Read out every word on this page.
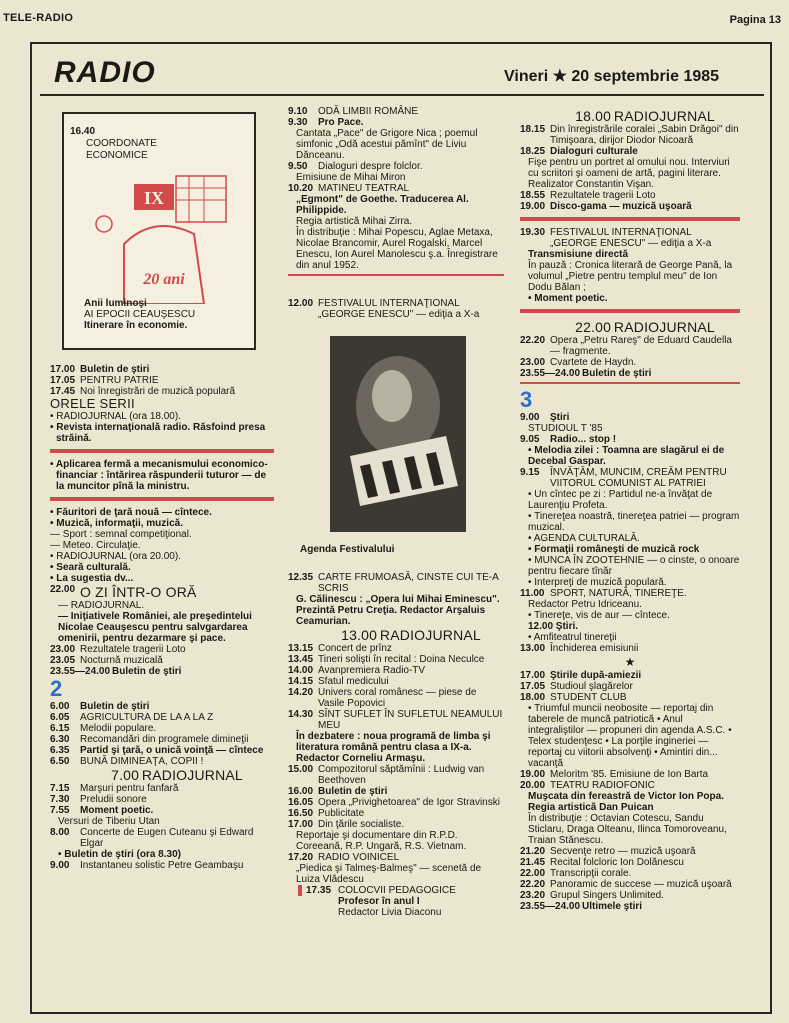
TELE-RADIO	Pagina 13
RADIO	Vineri ★ 20 septembrie 1985
16.40
COORDONATE ECONOMICE
IX
20 ani
Anii luminoşi
AI EPOCII CEAUŞESCU
Itinerare în economie.
17.00 Buletin de ştiri
17.05 PENTRU PATRIE
17.45 Noi înregistrări de muzică populară
ORELE SERII
• RADIOJURNAL (ora 18.00).
• Revista internaţională radio. Răsfoind presa străină.
• Aplicarea fermă a mecanismului economico-financiar : întărirea răspunderii tuturor — de la muncitor pînă la ministru.
• Făuritori de ţară nouă — cîntece.
• Muzică, informaţii, muzică.
— Sport : semnal competiţional.
— Meteo. Circulaţie.
• RADIOJURNAL (ora 20.00).
• Seară culturală.
• La sugestia dv...
22.00 O ZI ÎNTR-O ORĂ
— RADIOJURNAL.
— Iniţiativele României, ale preşedintelui Nicolae Ceauşescu pentru salvgardarea omenirii, pentru dezarmare şi pace.
23.00 Rezultatele tragerii Loto
23.05 Nocturnă muzicală
23.55—24.00 Buletin de ştiri
2
6.00 Buletin de ştiri
6.05 AGRICULTURA DE LA A LA Z
6.15 Melodii populare.
6.30 Recomandări din programele dimineţii
6.35 Partid şi ţară, o unică voinţă — cîntece
6.50 BUNĂ DIMINEAŢA, COPII !
7.00 RADIOJURNAL
7.15 Marşuri pentru fanfară
7.30 Preludii sonore
7.55 Moment poetic.
Versuri de Tiberiu Utan
8.00 Concerte de Eugen Cuteanu şi Edward Elgar
• Buletin de ştiri (ora 8.30)
9.00 Instantaneu solistic Petre Geambaşu
9.10 ODĂ LIMBII ROMÂNE
9.30 Pro Pace.
Cantata „Pace" de Grigore Nica ; poemul simfonic „Odă acestui pămînt" de Liviu Dănceanu.
9.50 Dialoguri despre folclor.
Emisiune de Mihai Miron
10.20 MATINEU TEATRAL
„Egmont" de Goethe. Traducerea Al. Philippide.
Regia artistică Mihai Zirra.
În distribuţie : Mihai Popescu, Aglae Metaxa, Nicolae Brancomir, Aurel Rogalski, Marcel Enescu, Ion Aurel Manolescu ş.a. Înregistrare din anul 1952.
12.00 FESTIVALUL INTERNAŢIONAL „GEORGE ENESCU" — ediţia a X-a
Agenda Festivalului
12.35 CARTE FRUMOASĂ, CINSTE CUI TE-A SCRIS
G. Călinescu : „Opera lui Mihai Eminescu". Prezintă Petru Creţia. Redactor Arşaluis Ceamurian.
13.00 RADIOJURNAL
13.15 Concert de prînz
13.45 Tineri solişti în recital : Doina Neculce
14.00 Avanpremiera Radio-TV
14.15 Sfatul medicului
14.20 Univers coral românesc — piese de Vasile Popovici
14.30 SÎNT SUFLET ÎN SUFLETUL NEAMULUI MEU
În dezbatere : noua programă de limba şi literatura română pentru clasa a IX-a. Redactor Corneliu Armaşu.
15.00 Compozitorul săptămînii : Ludwig van Beethoven
16.00 Buletin de ştiri
16.05 Opera „Privighetoarea" de Igor Stravinski
16.50 Publicitate
17.00 Din ţările socialiste.
Reportaje şi documentare din R.P.D. Coreeană, R.P. Ungară, R.S. Vietnam.
17.20 RADIO VOINICEL
„Piedica şi Talmeş-Balmeş" — scenetă de Luiza Vlădescu
17.35 COLOCVII PEDAGOGICE
Profesor în anul I
Redactor Livia Diaconu
18.00 RADIOJURNAL
18.15 Din înregistrările coralei „Sabin Drăgoi" din Timişoara, dirijor Diodor Nicoară
18.25 Dialoguri culturale
Fişe pentru un portret al omului nou. Interviuri cu scriitori şi oameni de artă, pagini literare. Realizator Constantin Vişan.
18.55 Rezultatele tragerii Loto
19.00 Disco-gama — muzică uşoară
19.30 FESTIVALUL INTERNAŢIONAL „GEORGE ENESCU" — ediţia a X-a
Transmisiune directă
În pauză : Cronica literară de George Pană, la volumul „Pietre pentru templul meu" de Ion Dodu Bălan ;
• Moment poetic.
22.00 RADIOJURNAL
22.20 Opera „Petru Rareş" de Eduard Caudella — fragmente.
23.00 Cvartete de Haydn.
23.55—24.00 Buletin de ştiri
3
9.00 Ştiri
STUDIOUL T '85
9.05 Radio... stop !
• Melodia zilei : Toamna are slagărul ei de Decebal Gaspar.
9.15 ÎNVĂŢĂM, MUNCIM, CREĂM PENTRU VIITORUL COMUNIST AL PATRIEI
• Un cîntec pe zi : Partidul ne-a învăţat de Laurenţiu Profeta.
• Tinereţea noastră, tinereţea patriei — program muzical.
• AGENDA CULTURALĂ.
• Formaţii româneşti de muzică rock
• MUNCA ÎN ZOOTEHNIE — o cinste, o onoare pentru fiecare tînăr
• Interpreţi de muzică populară.
11.00 SPORT, NATURĂ, TINEREŢE.
Redactor Petru Idriceanu.
• Tinereţe, vis de aur — cîntece.
12.00 Ştiri.
• Amfiteatrul tinereţii
13.00 Închiderea emisiunii
★
17.00 Ştirile după-amiezii
17.05 Studioul şlagărelor
18.00 STUDENT CLUB
• Triumful muncii neobosite — reportaj din taberele de muncă patriotică • Anul integraliştilor — propuneri din agenda A.S.C. • Telex studenţesc • La porţile ingineriei — reportaj cu viitorii absolvenţi • Amintiri din... vacanţă
19.00 Meloritm '85. Emisiune de Ion Barta
20.00 TEATRU RADIOFONIC
Muşcata din fereastră de Victor Ion Popa. Regia artistică Dan Puican
În distribuţie : Octavian Cotescu, Sandu Sticlaru, Draga Olteanu, Ilinca Tomoroveanu, Traian Stănescu.
21.20 Secvenţe retro — muzică uşoară
21.45 Recital folcloric Ion Dolănescu
22.00 Transcripţii corale.
22.20 Panoramic de succese — muzică uşoară
23.20 Grupul Singers Unlimited.
23.55—24.00 Ultimele ştiri
